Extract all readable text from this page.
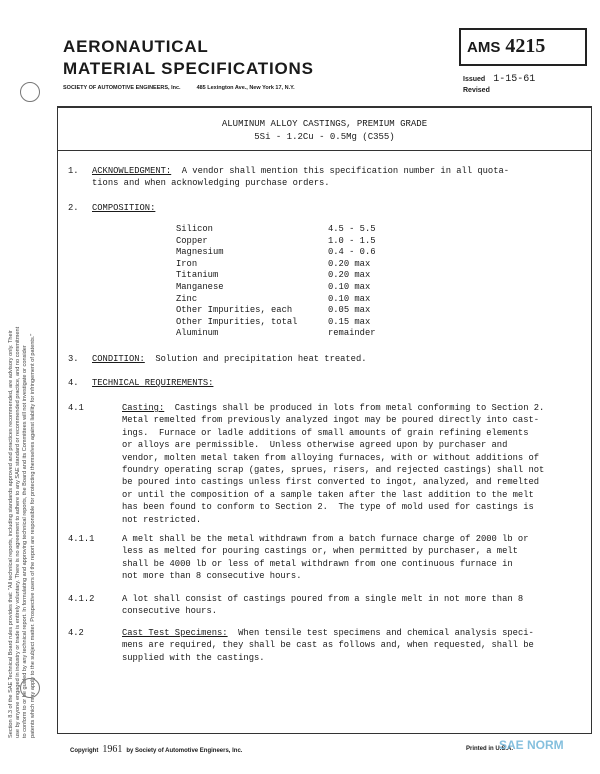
AERONAUTICAL
MATERIAL SPECIFICATIONS
SOCIETY OF AUTOMOTIVE ENGINEERS, Inc.	485 Lexington Ave., New York 17, N.Y.
AMS 4215
Issued 1-15-61
Revised
ALUMINUM ALLOY CASTINGS, PREMIUM GRADE
5Si - 1.2Cu - 0.5Mg (C355)
1. ACKNOWLEDGMENT: A vendor shall mention this specification number in all quota-
tions and when acknowledging purchase orders.
2. COMPOSITION:
Silicon	4.5 - 5.5
Copper	1.0 - 1.5
Magnesium	0.4 - 0.6
Iron	0.20 max
Titanium	0.20 max
Manganese	0.10 max
Zinc	0.10 max
Other Impurities, each	0.05 max
Other Impurities, total	0.15 max
Aluminum	remainder
3. CONDITION: Solution and precipitation heat treated.
4. TECHNICAL REQUIREMENTS:
4.1	Casting: Castings shall be produced in lots from metal conforming to Section 2.
Metal remelted from previously analyzed ingot may be poured directly into cast-
ings.  Furnace or ladle additions of small amounts of grain refining elements
or alloys are permissible.  Unless otherwise agreed upon by purchaser and
vendor, molten metal taken from alloying furnaces, with or without additions of
foundry operating scrap (gates, sprues, risers, and rejected castings) shall not
be poured into castings unless first converted to ingot, analyzed, and remelted
or until the composition of a sample taken after the last addition to the melt
has been found to conform to Section 2.  The type of mold used for castings is
not restricted.
4.1.1	A melt shall be the metal withdrawn from a batch furnace charge of 2000 lb or
less as melted for pouring castings or, when permitted by purchaser, a melt
shall be 4000 lb or less of metal withdrawn from one continuous furnace in
not more than 8 consecutive hours.
4.1.2	A lot shall consist of castings poured from a single melt in not more than 8
consecutive hours.
4.2	Cast Test Specimens: When tensile test specimens and chemical analysis speci-
mens are required, they shall be cast as follows and, when requested, shall be
supplied with the castings.
Section 8.3 of the SAE Technical Board rules provides that: "All technical reports, including standards approved and practices recommended, are advisory only. Their use by anyone engaged in industry or trade is entirely voluntary. There is no agreement to adhere to any SAE standard or recommended practice, and no commitment to conform to or be guided by any technical report. In formulating and approving technical reports, the Board and its Committees will not investigate or consider patents which may apply to the subject matter. Prospective users of the report are responsible for protecting themselves against liability for infringement of patents."
Copyright 1961 by Society of Automotive Engineers, Inc.	Printed in U.S.A.
SAE NORM
